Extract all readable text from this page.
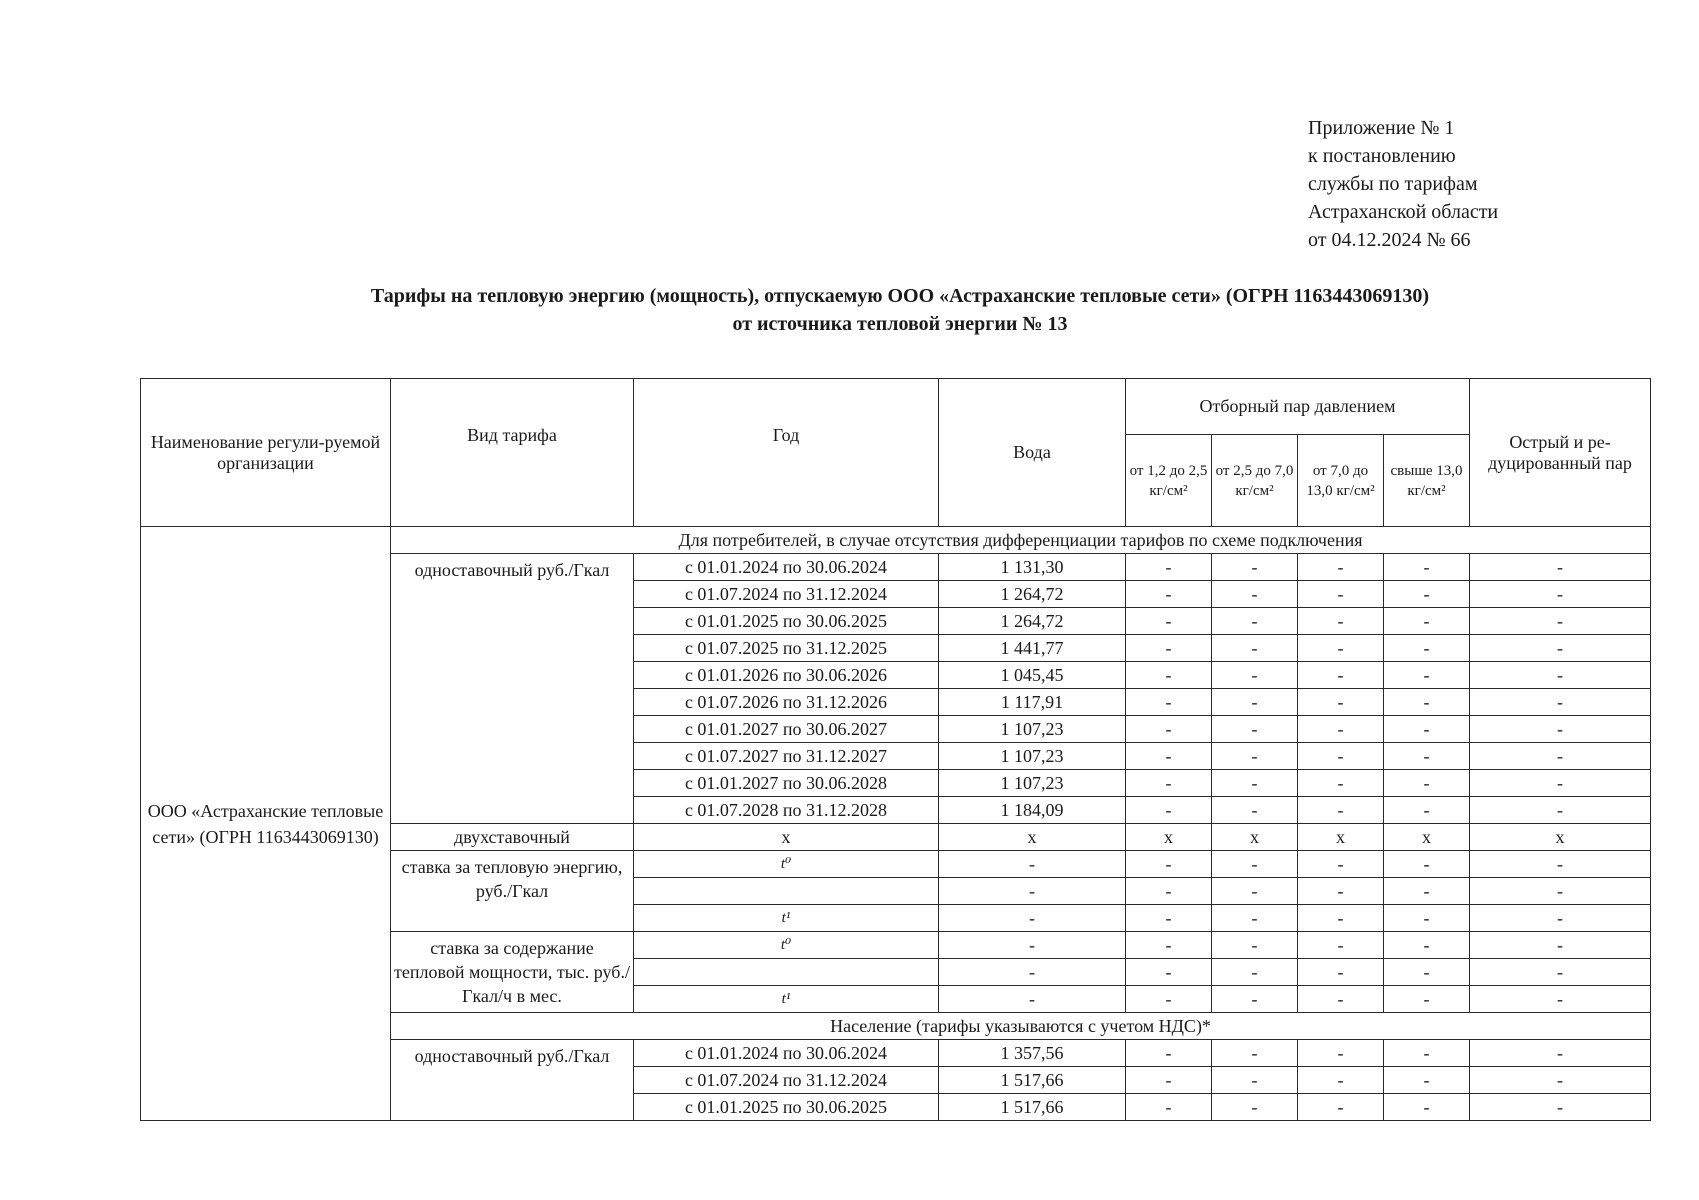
Приложение № 1
к постановлению
службы по тарифам
Астраханской области
от 04.12.2024 № 66
Тарифы на тепловую энергию (мощность), отпускаемую ООО «Астраханские тепловые сети» (ОГРН 1163443069130)
от источника тепловой энергии № 13
Наименование регули-руемой организации	Вид тарифа	Год	Вода	Отборный пар давлением				Острый и ре-дуцированный пар
				от 1,2 до 2,5 кг/см²	от 2,5 до 7,0 кг/см²	от 7,0 до 13,0 кг/см²	свыше 13,0 кг/см²	
ООО «Астраханские тепловые сети» (ОГРН 1163443069130)	Для потребителей, в случае отсутствия дифференциации тарифов по схеме подключения							
	одноставочный руб./Гкал	с 01.01.2024 по 30.06.2024	1 131,30	-	-	-	-	-
		с 01.07.2024 по 31.12.2024	1 264,72	-	-	-	-	-
		с 01.01.2025 по 30.06.2025	1 264,72	-	-	-	-	-
		с 01.07.2025 по 31.12.2025	1 441,77	-	-	-	-	-
		с 01.01.2026 по 30.06.2026	1 045,45	-	-	-	-	-
		с 01.07.2026 по 31.12.2026	1 117,91	-	-	-	-	-
		с 01.01.2027 по 30.06.2027	1 107,23	-	-	-	-	-
		с 01.07.2027 по 31.12.2027	1 107,23	-	-	-	-	-
		с 01.01.2027 по 30.06.2028	1 107,23	-	-	-	-	-
		с 01.07.2028 по 31.12.2028	1 184,09	-	-	-	-	-
	двухставочный	x	x	x	x	x	x	x
	ставка за тепловую энергию, руб./Гкал	t⁰	-	-	-	-	-	-
			-	-	-	-	-	-
		t¹	-	-	-	-	-	-
	ставка за содержание тепловой мощности, тыс. руб./Гкал/ч в мес.	t⁰	-	-	-	-	-	-
			-	-	-	-	-	-
		t¹	-	-	-	-	-	-
	Население (тарифы указываются с учетом НДС)*							
	одноставочный руб./Гкал	с 01.01.2024 по 30.06.2024	1 357,56	-	-	-	-	-
		с 01.07.2024 по 31.12.2024	1 517,66	-	-	-	-	-
		с 01.01.2025 по 30.06.2025	1 517,66	-	-	-	-	-
